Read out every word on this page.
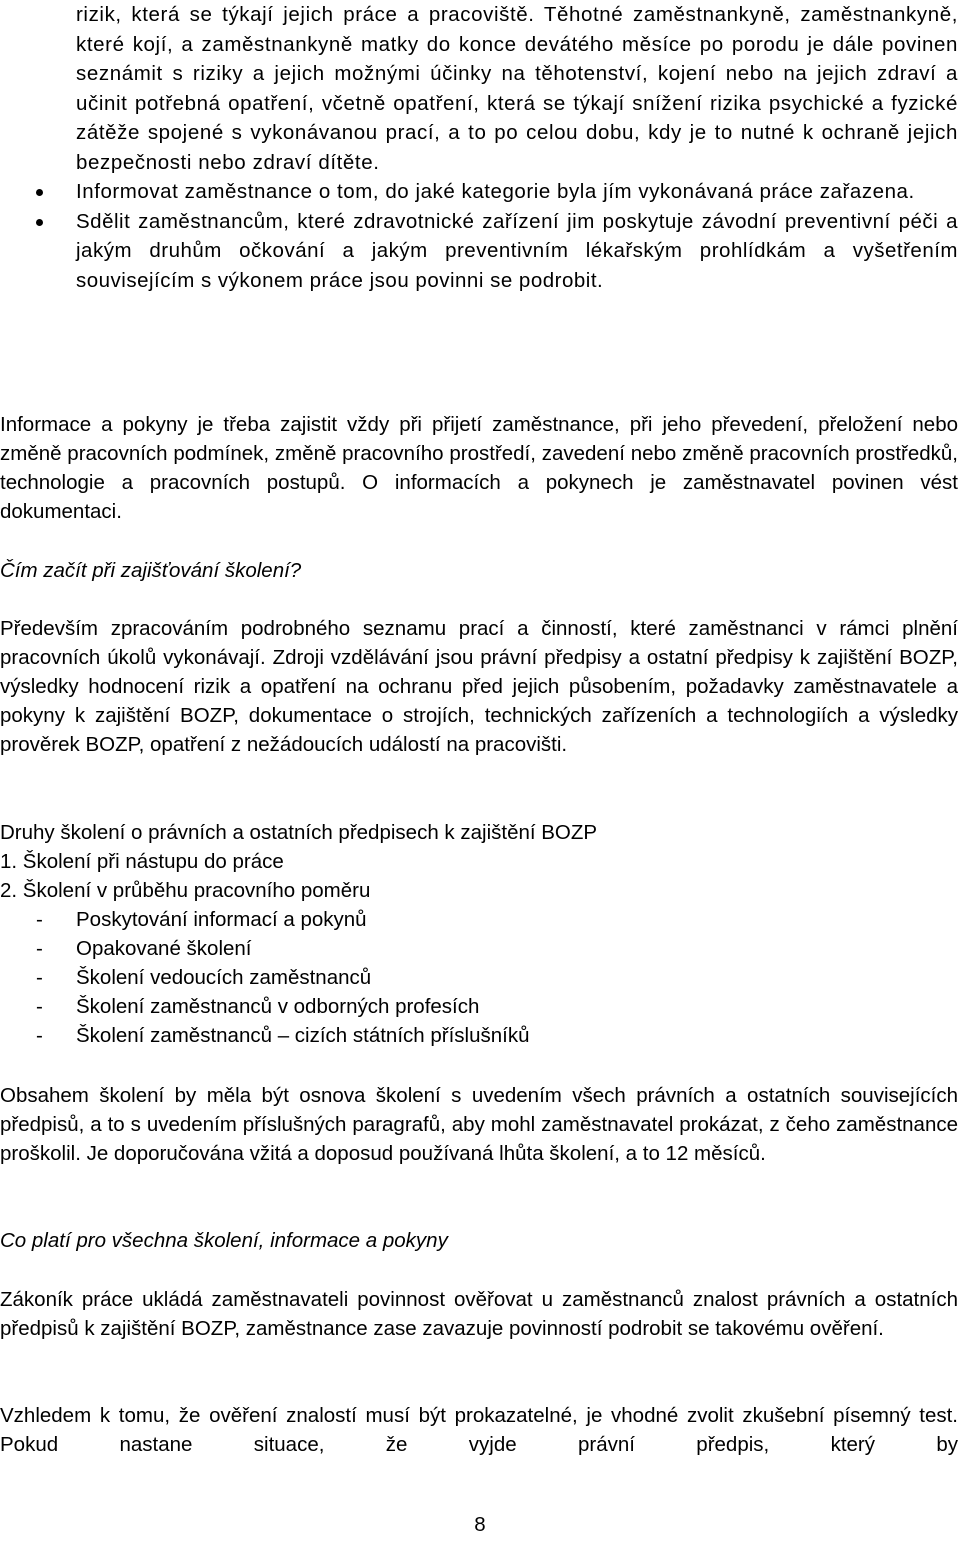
rizik, která se týkají jejich práce a pracoviště. Těhotné zaměstnankyně, zaměstnankyně, které kojí, a zaměstnankyně matky do konce devátého měsíce po porodu je dále povinen seznámit s riziky a jejich možnými účinky na těhotenství, kojení nebo na jejich zdraví a učinit potřebná opatření, včetně opatření, která se týkají snížení rizika psychické a fyzické zátěže spojené s vykonávanou prací, a to po celou dobu, kdy je to nutné k ochraně jejich bezpečnosti nebo zdraví dítěte.
Informovat zaměstnance o tom, do jaké kategorie byla jím vykonávaná práce zařazena.
Sdělit zaměstnancům, které zdravotnické zařízení jim poskytuje závodní preventivní péči a jakým druhům očkování a jakým preventivním lékařským prohlídkám a vyšetřením souvisejícím s výkonem práce jsou povinni se podrobit.

Informace a pokyny je třeba zajistit vždy při přijetí zaměstnance, při jeho převedení, přeložení nebo změně pracovních podmínek, změně pracovního prostředí, zavedení nebo změně pracovních prostředků, technologie a pracovních postupů. O informacích a pokynech je zaměstnavatel povinen vést dokumentaci.

Čím začít při zajišťování školení?

Především zpracováním podrobného seznamu prací a činností, které zaměstnanci v rámci plnění pracovních úkolů vykonávají. Zdroji vzdělávání jsou právní předpisy a ostatní předpisy k zajištění BOZP, výsledky hodnocení rizik a opatření na ochranu před jejich působením, požadavky zaměstnavatele a pokyny k zajištění BOZP, dokumentace o strojích, technických zařízeních a technologiích a výsledky prověrek BOZP, opatření z nežádoucích událostí na pracovišti.

Druhy školení o právních a ostatních předpisech k zajištění BOZP

1. Školení při nástupu do práce

2. Školení v průběhu pracovního poměru

- Poskytování informací a pokynů
- Opakované školení
- Školení vedoucích zaměstnanců
- Školení zaměstnanců v odborných profesích
- Školení zaměstnanců – cizích státních příslušníků

Obsahem školení by měla být osnova školení s uvedením všech právních a ostatních souvisejících předpisů, a to s uvedením příslušných paragrafů, aby mohl zaměstnavatel prokázat, z čeho zaměstnance proškolil. Je doporučována vžitá a doposud používaná lhůta školení, a to 12 měsíců.

Co platí pro všechna školení, informace a pokyny

Zákoník práce ukládá zaměstnavateli povinnost ověřovat u zaměstnanců znalost právních a ostatních předpisů k zajištění BOZP, zaměstnance zase zavazuje povinností podrobit se takovému ověření.

Vzhledem k tomu, že ověření znalostí musí být prokazatelné, je vhodné zvolit zkušební písemný test. Pokud nastane situace, že vyjde právní předpis, který by

8
